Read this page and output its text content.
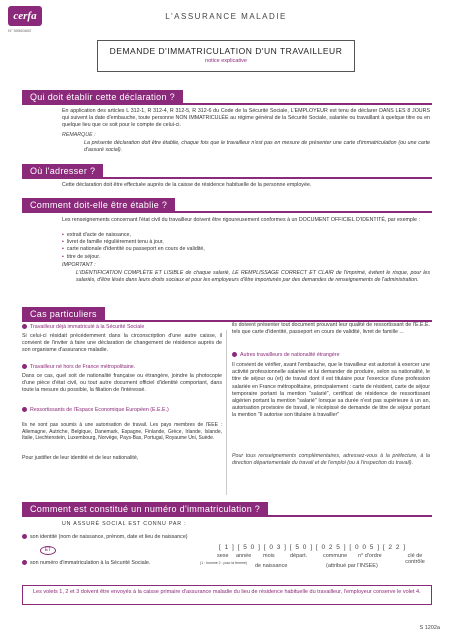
cerfa
N° 50560#02
L'ASSURANCE MALADIE
DEMANDE D'IMMATRICULATION D'UN TRAVAILLEUR
notice explicative
Qui doit établir cette déclaration ?
En application des articles L 312-1, R 312-4, R 312-5, R 312-6 du Code de la Sécurité Sociale, L'EMPLOYEUR est tenu de déclarer DANS LES 8 JOURS qui suivent la date d'embauche, toute personne NON IMMATRICULÉE au régime général de la Sécurité Sociale, salariée ou travaillant à quelque titre ou en quelque lieu que ce soit pour le compte de celui-ci.
REMARQUE :
La présente déclaration doit être établie, chaque fois que le travailleur n'est pas en mesure de présenter une carte d'immatriculation (ou une carte d'assuré social).
Où l'adresser ?
Cette déclaration doit être effectuée auprès de la caisse de résidence habituelle de la personne employée.
Comment doit-elle être établie ?
Les renseignements concernant l'état civil du travailleur doivent être rigoureusement conformes à un DOCUMENT OFFICIEL D'IDENTITÉ, par exemple :
▪ extrait d'acte de naissance,
▪ livret de famille régulièrement tenu à jour,
▪ carte nationale d'identité ou passeport en cours de validité,
▪ titre de séjour.
IMPORTANT :
L'IDENTIFICATION COMPLÈTE ET LISIBLE de chaque salarié, LE REMPLISSAGE CORRECT ET CLAIR de l'imprimé, évitent le risque, pour les salariés, d'être lésés dans leurs droits sociaux et pour les employeurs d'être importunés par des demandes de renseignements de l'administration.
Cas particuliers
Travailleur déjà immatriculé à la Sécurité Sociale
Si celui-ci résidait précédemment dans la circonscription d'une autre caisse, il convient de l'inviter à faire une déclaration de changement de résidence auprès de son organisme d'assurance maladie.
Travailleur né hors de France métropolitaine.
Dans ce cas, quel soit de nationalité française ou étrangère, joindre la photocopie d'une pièce d'état civil, ou tout autre document officiel d'identité comportant, dans toute la mesure du possible, la filiation de l'intéressé.
Ressortissants de l'Espace Economique Européen (E.E.E.)
Ils ne sont pas soumis à une autorisation de travail. Les pays membres de l'EEE : Allemagne, Autriche, Belgique, Danemark, Espagne, Finlande, Grèce, Irlande, Islande, Italie, Liechtenstein, Luxembourg, Norvège, Pays-Bas, Portugal, Royaume Uni, Suède.
Pour justifier de leur identité et de leur nationalité,
ils doivent présenter tout document prouvant leur qualité de ressortissant de l'E.E.E. tels que carte d'identité, passeport en cours de validité, livret de famille ...
Autres travailleurs de nationalité étrangère
Il convient de vérifier, avant l'embauche, que le travailleur est autorisé à exercer une activité professionnelle salariée et lui demander de produire, selon sa nationalité, le titre de séjour ou (et) de travail dont il est titulaire pour l'exercice d'une profession salariée en France métropolitaine, principalement : carte de résident, carte de séjour temporaire portant la mention "salarié", certificat de résidence de ressortissant algérien portant la mention "salarié" lorsque sa durée n'est pas supérieure à un an, autorisation provisoire de travail, le récépissé de demande de titre de séjour portant la mention "Il autorise son titulaire à travailler"
Pour tous renseignements complémentaires, adressez-vous à la préfecture, à la direction départementale du travail et de l'emploi (ou à l'inspection du travail).
Comment est constitué un numéro d'immatriculation ?
UN ASSURÉ SOCIAL EST CONNU PAR :
son identité (nom de naissance, prénom, date et lieu de naissance)
ET
son numéro d'immatriculation à la Sécurité Sociale.
[ 1 ] [ 5 0 ] [ 0 3 ] [ 5 0 ] [ 0 2 5 ] [ 0 0 5 ] [ 2 2 ]
sexe année mois	départ.	commune n° d'ordre	clé de contrôle
(1 : homme 2 : pour la femme) de naissance	(attribué par l'INSEE)
Les volets 1, 2 et 3 doivent être envoyés à la caisse primaire d'assurance maladie du lieu de résidence habituelle du travailleur, l'employeur conserve le volet 4.
S 1202a
